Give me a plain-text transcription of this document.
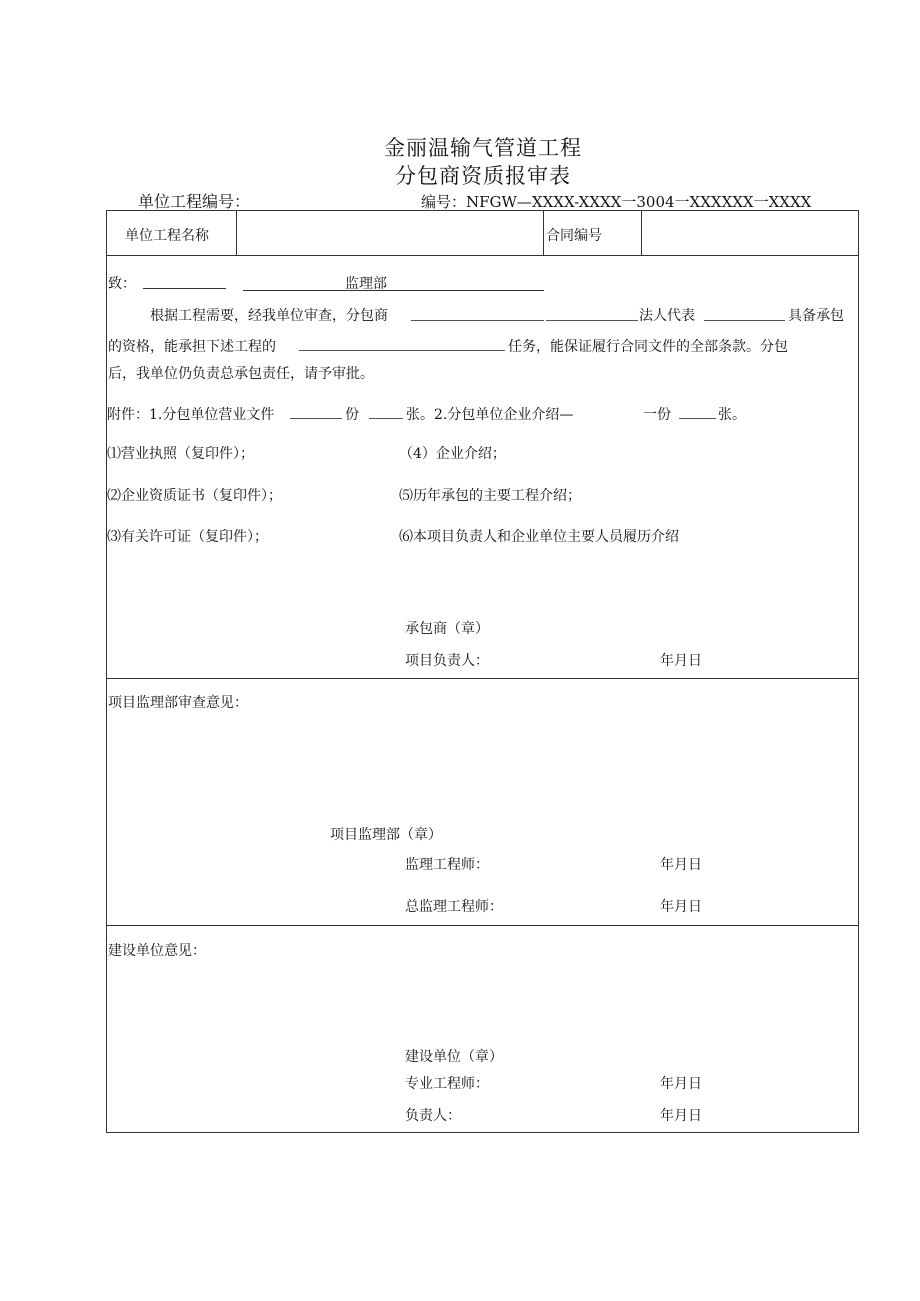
金丽温输气管道工程
分包商资质报审表
单位工程编号：	编号：NFGW—XXXX-XXXX一3004一XXXXXX一XXXX
单位工程名称	合同编号
致：	监理部
根据工程需要，经我单位审查，分包商	法人代表	具备承包
的资格，能承担下述工程的	任务，能保证履行合同文件的全部条款。分包
后，我单位仍负责总承包责任，请予审批。
附件：1.分包单位营业文件	份	张。2.分包单位企业介绍—	一份	张。
⑴营业执照（复印件）；	（4）企业介绍；
⑵企业资质证书（复印件）；	⑸历年承包的主要工程介绍；
⑶有关许可证（复印件）；	⑹本项目负责人和企业单位主要人员履历介绍
承包商（章）
项目负责人：	年月日
项目监理部审查意见：
项目监理部（章）
监理工程师：	年月日
总监理工程师：	年月日
建设单位意见：
建设单位（章）
专业工程师：	年月日
负责人：	年月日
